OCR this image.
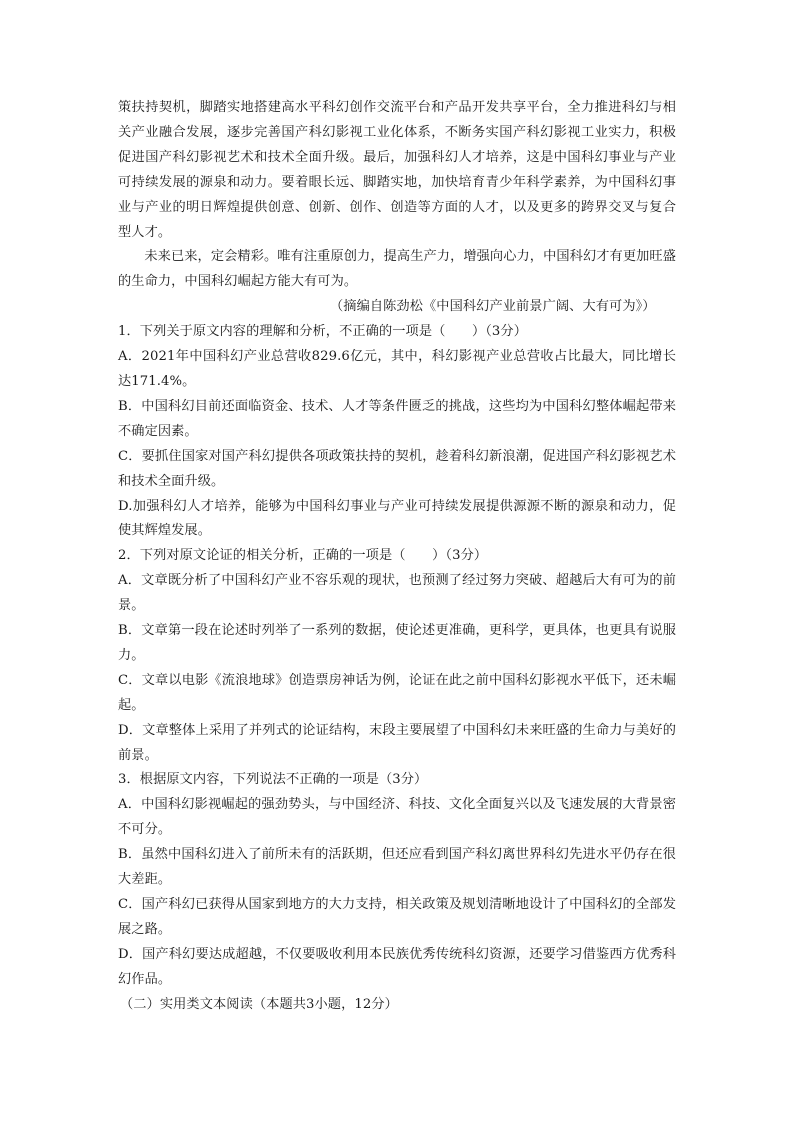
策扶持契机，脚踏实地搭建高水平科幻创作交流平台和产品开发共享平台，全力推进科幻与相关产业融合发展，逐步完善国产科幻影视工业化体系，不断务实国产科幻影视工业实力，积极促进国产科幻影视艺术和技术全面升级。最后，加强科幻人才培养，这是中国科幻事业与产业可持续发展的源泉和动力。要着眼长远、脚踏实地，加快培育青少年科学素养，为中国科幻事业与产业的明日辉煌提供创意、创新、创作、创造等方面的人才，以及更多的跨界交叉与复合型人才。

未来已来，定会精彩。唯有注重原创力，提高生产力，增强向心力，中国科幻才有更加旺盛的生命力，中国科幻崛起方能大有可为。

（摘编自陈劲松《中国科幻产业前景广阔、大有可为》）

1．下列关于原文内容的理解和分析，不正确的一项是（　　）（3分）

A．2021年中国科幻产业总营收829.6亿元，其中，科幻影视产业总营收占比最大，同比增长达171.4%。

B．中国科幻目前还面临资金、技术、人才等条件匮乏的挑战，这些均为中国科幻整体崛起带来不确定因素。

C．要抓住国家对国产科幻提供各项政策扶持的契机，趁着科幻新浪潮，促进国产科幻影视艺术和技术全面升级。

D.加强科幻人才培养，能够为中国科幻事业与产业可持续发展提供源源不断的源泉和动力，促使其辉煌发展。

2．下列对原文论证的相关分析，正确的一项是（　　）（3分）

A．文章既分析了中国科幻产业不容乐观的现状，也预测了经过努力突破、超越后大有可为的前景。

B．文章第一段在论述时列举了一系列的数据，使论述更准确，更科学，更具体，也更具有说服力。

C．文章以电影《流浪地球》创造票房神话为例，论证在此之前中国科幻影视水平低下，还未崛起。

D．文章整体上采用了并列式的论证结构，末段主要展望了中国科幻未来旺盛的生命力与美好的前景。

3．根据原文内容，下列说法不正确的一项是（3分）

A．中国科幻影视崛起的强劲势头，与中国经济、科技、文化全面复兴以及飞速发展的大背景密不可分。

B．虽然中国科幻进入了前所未有的活跃期，但还应看到国产科幻离世界科幻先进水平仍存在很大差距。

C．国产科幻已获得从国家到地方的大力支持，相关政策及规划清晰地设计了中国科幻的全部发展之路。

D．国产科幻要达成超越，不仅要吸收利用本民族优秀传统科幻资源，还要学习借鉴西方优秀科幻作品。

（二）实用类文本阅读（本题共3小题，12分）
